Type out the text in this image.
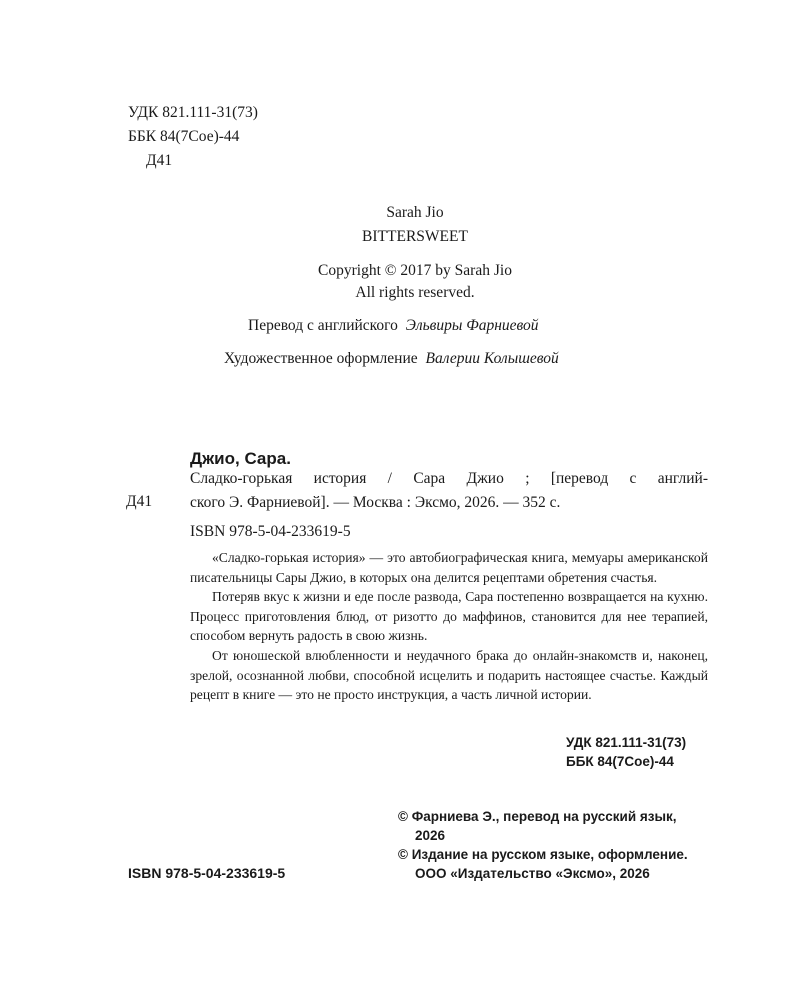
УДК 821.111-31(73)
ББК 84(7Сое)-44
Д41
Sarah Jio
BITTERSWEET
Copyright © 2017 by Sarah Jio
All rights reserved.
Перевод с английского Эльвиры Фарниевой
Художественное оформление Валерии Колышевой
Джио, Сара.
Д41
Сладко-горькая история / Сара Джио ; [перевод с англий-
ского Э. Фарниевой]. — Москва : Эксмо, 2026. — 352 с.
ISBN 978-5-04-233619-5

«Сладко-горькая история» — это автобиографическая книга, мемуары американской писательницы Сары Джио, в которых она делится рецептами обретения счастья.

Потеряв вкус к жизни и еде после развода, Сара постепенно возвращается на кухню. Процесс приготовления блюд, от ризотто до маффинов, становится для нее терапией, способом вернуть радость в свою жизнь.

От юношеской влюбленности и неудачного брака до онлайн-знакомств и, наконец, зрелой, осознанной любви, способной исцелить и подарить настоящее счастье. Каждый рецепт в книге — это не просто инструкция, а часть личной истории.

УДК 821.111-31(73)
ББК 84(7Сое)-44
© Фарниева Э., перевод на русский язык,
2026
© Издание на русском языке, оформление.
ООО «Издательство «Эксмо», 2026
ISBN 978-5-04-233619-5
